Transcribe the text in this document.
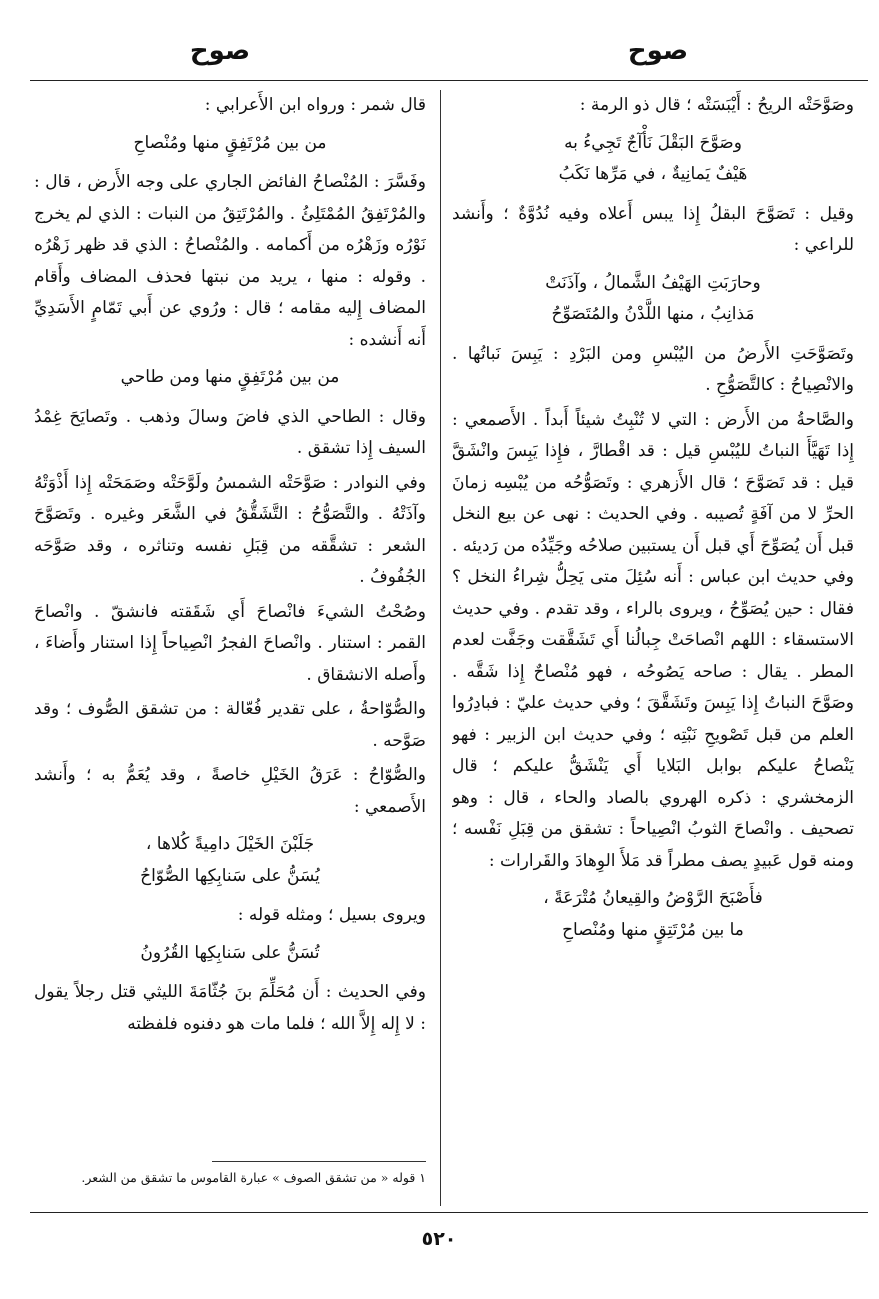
صوح
صوح

وصَوَّحَتْه الريحُ : أَيْبَسَتْه ؛ قال ذو الرمة :

وصَوَّحَ البَقْلَ نَأْآجٌ تَجِيءُ به
هَيْفٌ يَمانِيةٌ ، في مَرِّها نَكَبُ

وقيل : تَصَوَّحَ البقلُ إِذا يبس أَعلاه وفيه نُدُوَّةٌ ؛ وأَنشد للراعي :

وحارَبَتِ الهَيْفُ الشَّمالُ ، وآذَنَتْ
مَذانِبُ ، منها اللَّدْنُ والمُتَصَوِّحُ

وتَصَوَّحَتِ الأَرضُ من اليُبْسِ ومن البَرْدِ : يَبِسَ نَباتُها . والانْصِياحُ : كالتَّصَوُّحِ .

والصَّاحةُ من الأَرض : التي لا تُنْبِتُ شيئاً أَبداً . الأَصمعي : إِذا تَهَيَّأَ النباتُ لليُبْسِ قيل : قد اقْطارَّ ، فإِذا يَبِسَ وانْشَقَّ قيل : قد تَصَوَّحَ ؛ قال الأَزهري : وتَصَوُّحُه من يُبْسِه زمانَ الحرِّ لا من آفَةٍ تُصيبه . وفي الحديث : نهى عن بيع النخل قبل أَن يُصَوِّحَ أَي قبل أَن يستبين صلاحُه وجَيِّدُه من رَديئه . وفي حديث ابن عباس : أَنه سُئِلَ متى يَحِلُّ شِراءُ النخل ؟ فقال : حين يُصَوِّحُ ، ويروى بالراء ، وقد تقدم . وفي حديث الاستسقاء : اللهم انْصاحَتْ جِبالُنا أَي تَشَقَّقت وجَفَّت لعدم المطر . يقال : صاحه يَصُوحُه ، فهو مُنْصاحٌ إِذا شَقَّه . وصَوَّحَ النباتُ إِذا يَبِسَ وتَشَقَّقَ ؛ وفي حديث عليّ : فبادِرُوا العلم من قبل تَصْويحِ نَبْتِه ؛ وفي حديث ابن الزبير : فهو يَنْصاحُ عليكم بوابل البَلايا أَي يَنْشَقُّ عليكم ؛ قال الزمخشري : ذكره الهروي بالصاد والحاء ، قال : وهو تصحيف . وانْصاحَ الثوبُ انْصِياحاً : تشقق من قِبَلِ نَفْسه ؛ ومنه قول عَبيدٍ يصف مطراً قد مَلأَ الوِهادَ والقَرارات :

فأَصْبَحَ الرَّوْضُ والقِيعانُ مُتْرَعَةً ،
ما بين مُرْتَتِقٍ منها ومُنْصاحِ

قال شمر : ورواه ابن الأَعرابي :

من بين مُرْتَفِقٍ منها ومُنْصاحِ

وفَسَّرَ : المُنْصاحُ الفائض الجاري على وجه الأَرض ، قال : والمُرْتَفِقُ المُمْتَلِئُ . والمُرْتَتِقُ من النبات : الذي لم يخرج نَوْرُه وزَهْرُه من أَكمامه . والمُنْصاحُ : الذي قد ظهر زَهْرُه . وقوله : منها ، يريد من نبتها فحذف المضاف وأَقام المضاف إِليه مقامه ؛ قال : ورُوي عن أَبي تَمّامٍ الأَسَدِيِّ أَنه أَنشده :

من بين مُرْتَفِقٍ منها ومن طاحي

وقال : الطاحي الذي فاضَ وسالَ وذهب . وتَصايَحَ غِمْدُ السيف إِذا تشقق .

وفي النوادر : صَوَّحَتْه الشمسُ ولَوَّحَتْه وصَمَحَتْه إِذا أَذْوَتْهُ وآذَتْهُ . والتَّصَوُّحُ : التَّشَقُّقُ في الشَّعَر وغيره . وتَصَوَّحَ الشعر : تشقَّقه من قِبَلِ نفسه وتناثره ، وقد صَوَّحَه الجُفُوفُ .

وصُحْتُ الشيءَ فانْصاحَ أَي شَقَقته فانشقّ . وانْصاحَ القمر : استنار . وانْصاحَ الفجرُ انْصِياحاً إِذا استنار وأَضاءَ ، وأَصله الانشقاق .

والصُّوّاحةُ ، على تقدير فُعّالة : من تشقق الصُّوف ؛ وقد صَوَّحه .

والصُّوّاحُ : عَرَقُ الخَيْلِ خاصةً ، وقد يُعَمُّ به ؛ وأَنشد الأَصمعي :

جَلَبْنَ الخَيْلَ دامِيةً كُلاها ،
يُسَنُّ على سَنابِكِها الصُّوّاحُ

ويروى بسيل ؛ ومثله قوله :

تُسَنُّ على سَنابِكِها القُرُونُ

وفي الحديث : أَن مُحَلِّمَ بنَ جُثّامَةَ الليثي قتل رجلاً يقول : لا إِله إِلاَّ الله ؛ فلما مات هو دفنوه فلفظته

١ قوله « من تشقق الصوف » عبارة القاموس ما تشقق من الشعر.
٥٢٠
